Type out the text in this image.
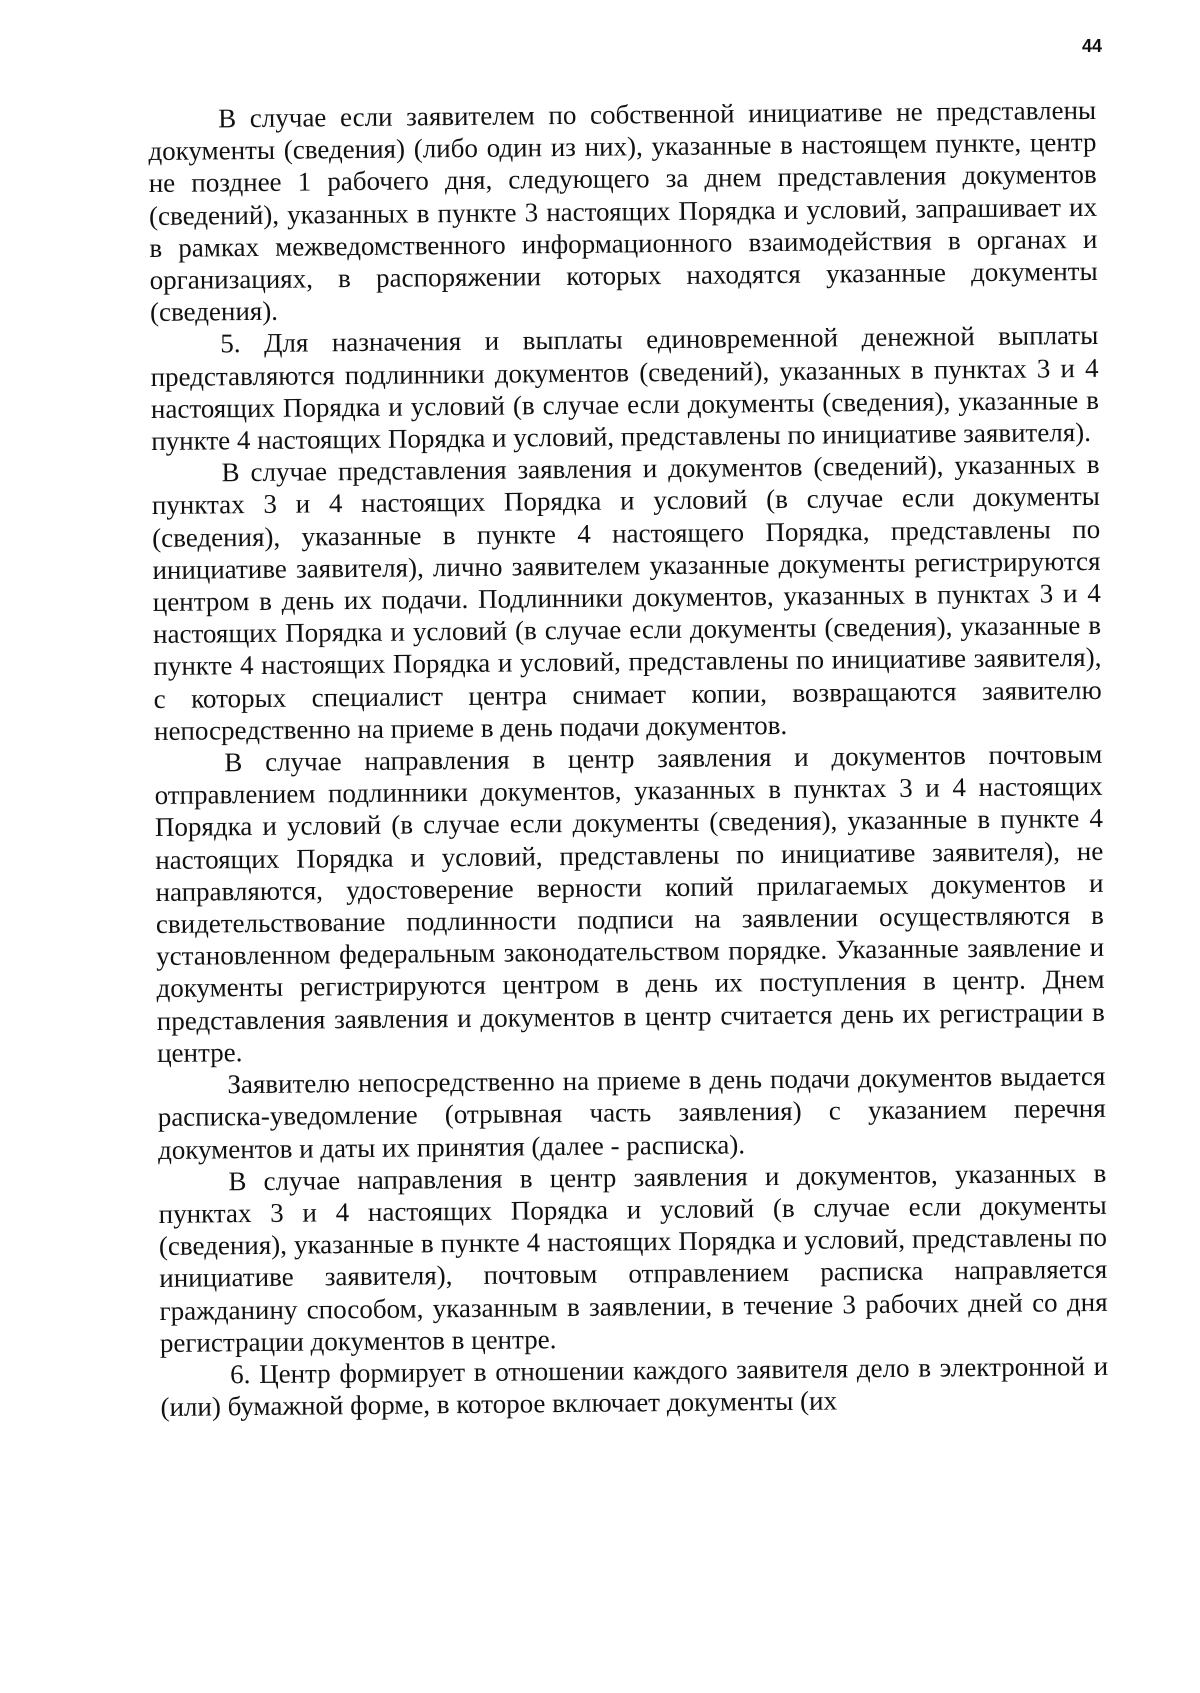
44

В случае если заявителем по собственной инициативе не представлены документы (сведения) (либо один из них), указанные в настоящем пункте, центр не позднее 1 рабочего дня, следующего за днем представления документов (сведений), указанных в пункте 3 настоящих Порядка и условий, запрашивает их в рамках межведомственного информационного взаимодействия в органах и организациях, в распоряжении которых находятся указанные документы (сведения).

5. Для назначения и выплаты единовременной денежной выплаты представляются подлинники документов (сведений), указанных в пунктах 3 и 4 настоящих Порядка и условий (в случае если документы (сведения), указанные в пункте 4 настоящих Порядка и условий, представлены по инициативе заявителя).

В случае представления заявления и документов (сведений), указанных в пунктах 3 и 4 настоящих Порядка и условий (в случае если документы (сведения), указанные в пункте 4 настоящего Порядка, представлены по инициативе заявителя), лично заявителем указанные документы регистрируются центром в день их подачи. Подлинники документов, указанных в пунктах 3 и 4 настоящих Порядка и условий (в случае если документы (сведения), указанные в пункте 4 настоящих Порядка и условий, представлены по инициативе заявителя), с которых специалист центра снимает копии, возвращаются заявителю непосредственно на приеме в день подачи документов.

В случае направления в центр заявления и документов почтовым отправлением подлинники документов, указанных в пунктах 3 и 4 настоящих Порядка и условий (в случае если документы (сведения), указанные в пункте 4 настоящих Порядка и условий, представлены по инициативе заявителя), не направляются, удостоверение верности копий прилагаемых документов и свидетельствование подлинности подписи на заявлении осуществляются в установленном федеральным законодательством порядке. Указанные заявление и документы регистрируются центром в день их поступления в центр. Днем представления заявления и документов в центр считается день их регистрации в центре.

Заявителю непосредственно на приеме в день подачи документов выдается расписка-уведомление (отрывная часть заявления) с указанием перечня документов и даты их принятия (далее - расписка).

В случае направления в центр заявления и документов, указанных в пунктах 3 и 4 настоящих Порядка и условий (в случае если документы (сведения), указанные в пункте 4 настоящих Порядка и условий, представлены по инициативе заявителя), почтовым отправлением расписка направляется гражданину способом, указанным в заявлении, в течение 3 рабочих дней со дня регистрации документов в центре.

6. Центр формирует в отношении каждого заявителя дело в электронной и (или) бумажной форме, в которое включает документы (их
